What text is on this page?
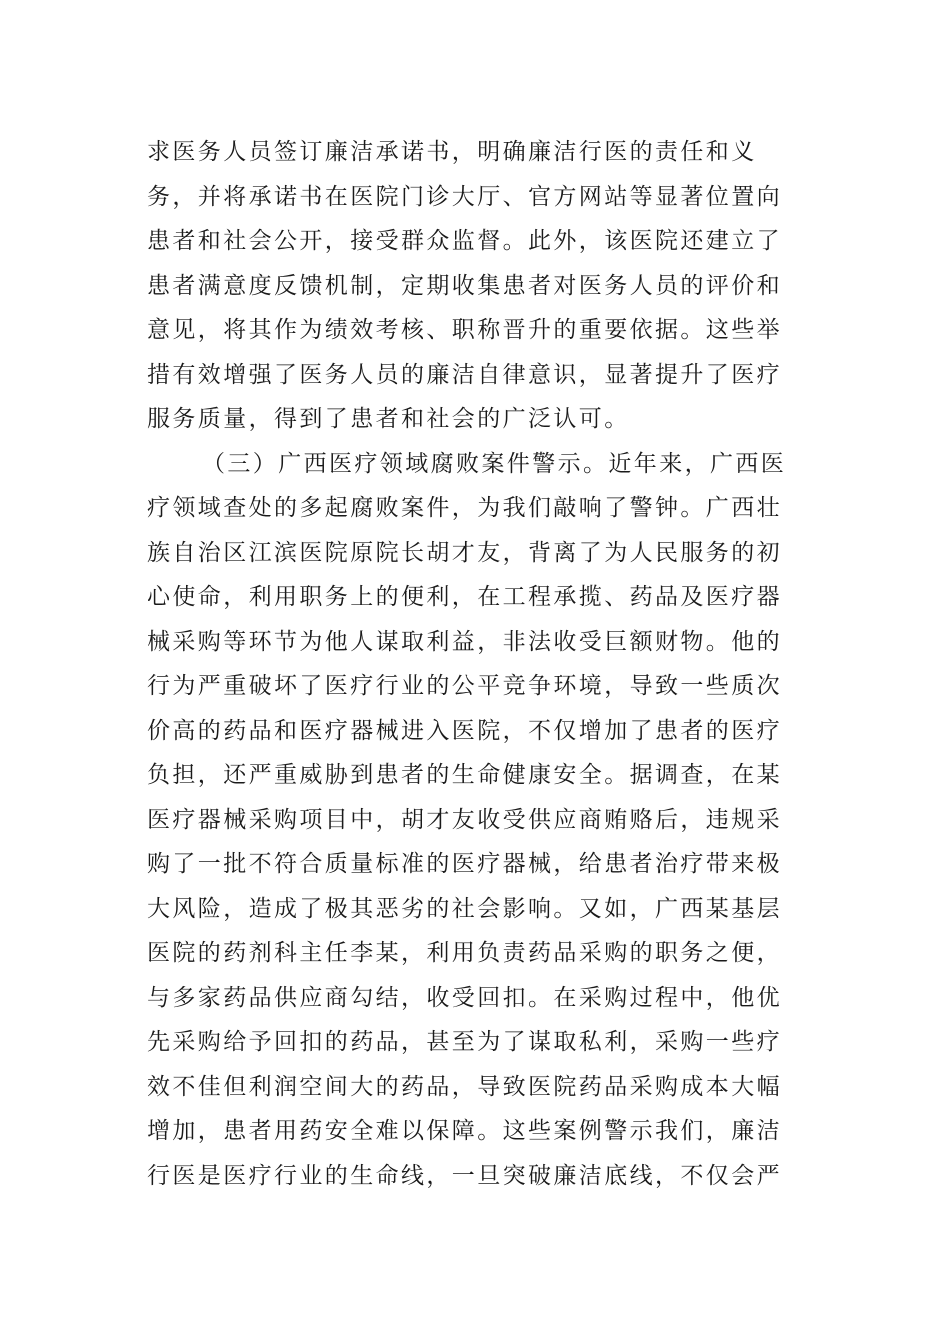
求医务人员签订廉洁承诺书，明确廉洁行医的责任和义
务，并将承诺书在医院门诊大厅、官方网站等显著位置向
患者和社会公开，接受群众监督。此外，该医院还建立了
患者满意度反馈机制，定期收集患者对医务人员的评价和
意见，将其作为绩效考核、职称晋升的重要依据。这些举
措有效增强了医务人员的廉洁自律意识，显著提升了医疗
服务质量，得到了患者和社会的广泛认可。
（三）广西医疗领域腐败案件警示。近年来，广西医
疗领域查处的多起腐败案件，为我们敲响了警钟。广西壮
族自治区江滨医院原院长胡才友，背离了为人民服务的初
心使命，利用职务上的便利，在工程承揽、药品及医疗器
械采购等环节为他人谋取利益，非法收受巨额财物。他的
行为严重破坏了医疗行业的公平竞争环境，导致一些质次
价高的药品和医疗器械进入医院，不仅增加了患者的医疗
负担，还严重威胁到患者的生命健康安全。据调查，在某
医疗器械采购项目中，胡才友收受供应商贿赂后，违规采
购了一批不符合质量标准的医疗器械，给患者治疗带来极
大风险，造成了极其恶劣的社会影响。又如，广西某基层
医院的药剂科主任李某，利用负责药品采购的职务之便，
与多家药品供应商勾结，收受回扣。在采购过程中，他优
先采购给予回扣的药品，甚至为了谋取私利，采购一些疗
效不佳但利润空间大的药品，导致医院药品采购成本大幅
增加，患者用药安全难以保障。这些案例警示我们，廉洁
行医是医疗行业的生命线，一旦突破廉洁底线，不仅会严
